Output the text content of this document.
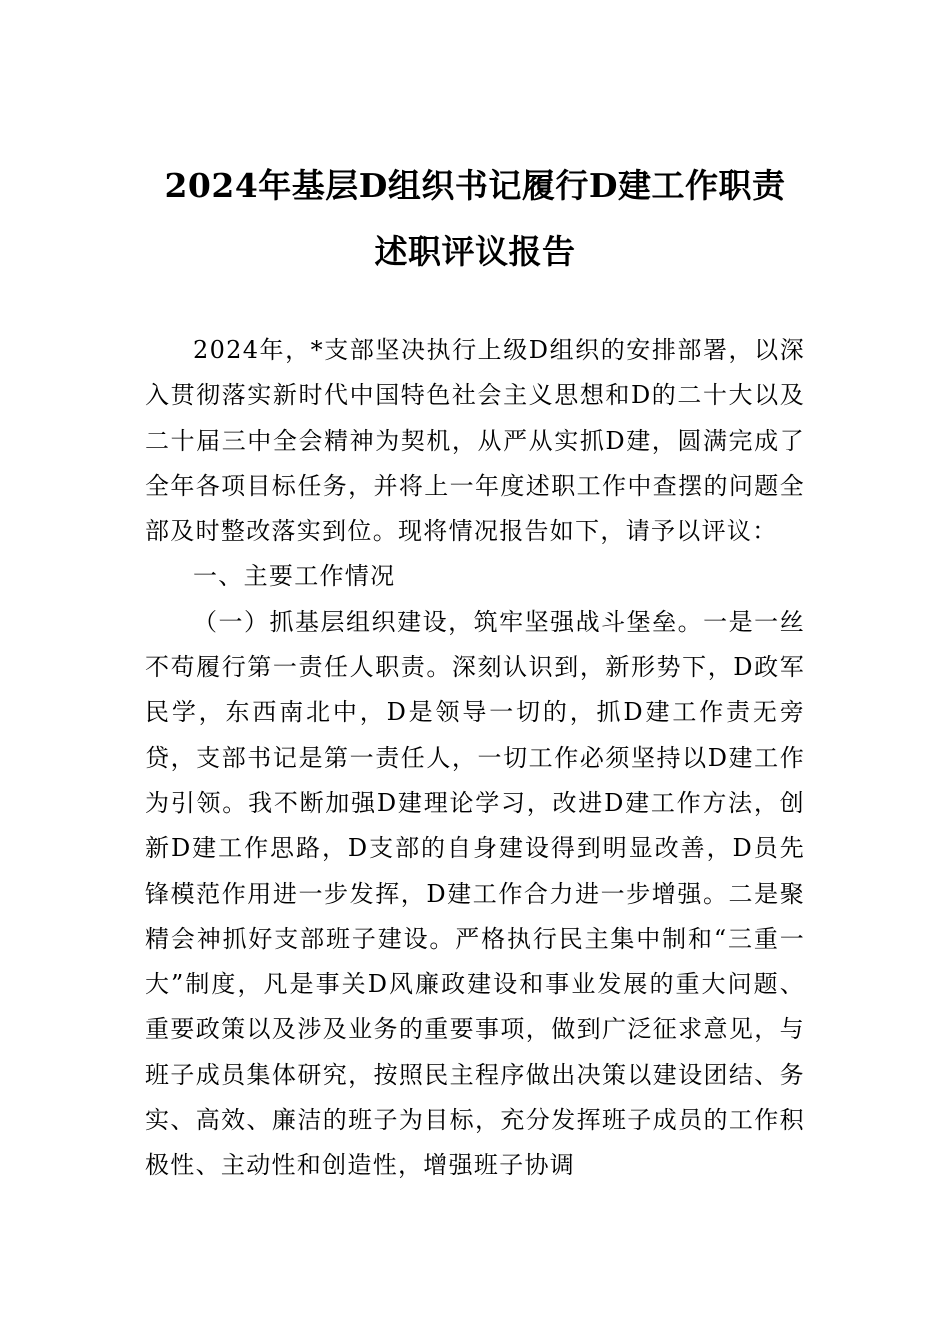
2024年基层D组织书记履行D建工作职责
述职评议报告

2024年，*支部坚决执行上级D组织的安排部署，以深入贯彻落实新时代中国特色社会主义思想和D的二十大以及二十届三中全会精神为契机，从严从实抓D建，圆满完成了全年各项目标任务，并将上一年度述职工作中查摆的问题全部及时整改落实到位。现将情况报告如下，请予以评议：

一、主要工作情况

（一）抓基层组织建设，筑牢坚强战斗堡垒。一是一丝不苟履行第一责任人职责。深刻认识到，新形势下，D政军民学，东西南北中，D是领导一切的，抓D建工作责无旁贷，支部书记是第一责任人，一切工作必须坚持以D建工作为引领。我不断加强D建理论学习，改进D建工作方法，创新D建工作思路，D支部的自身建设得到明显改善，D员先锋模范作用进一步发挥，D建工作合力进一步增强。二是聚精会神抓好支部班子建设。严格执行民主集中制和“三重一大”制度，凡是事关D风廉政建设和事业发展的重大问题、重要政策以及涉及业务的重要事项，做到广泛征求意见，与班子成员集体研究，按照民主程序做出决策以建设团结、务实、高效、廉洁的班子为目标，充分发挥班子成员的工作积极性、主动性和创造性，增强班子协调
